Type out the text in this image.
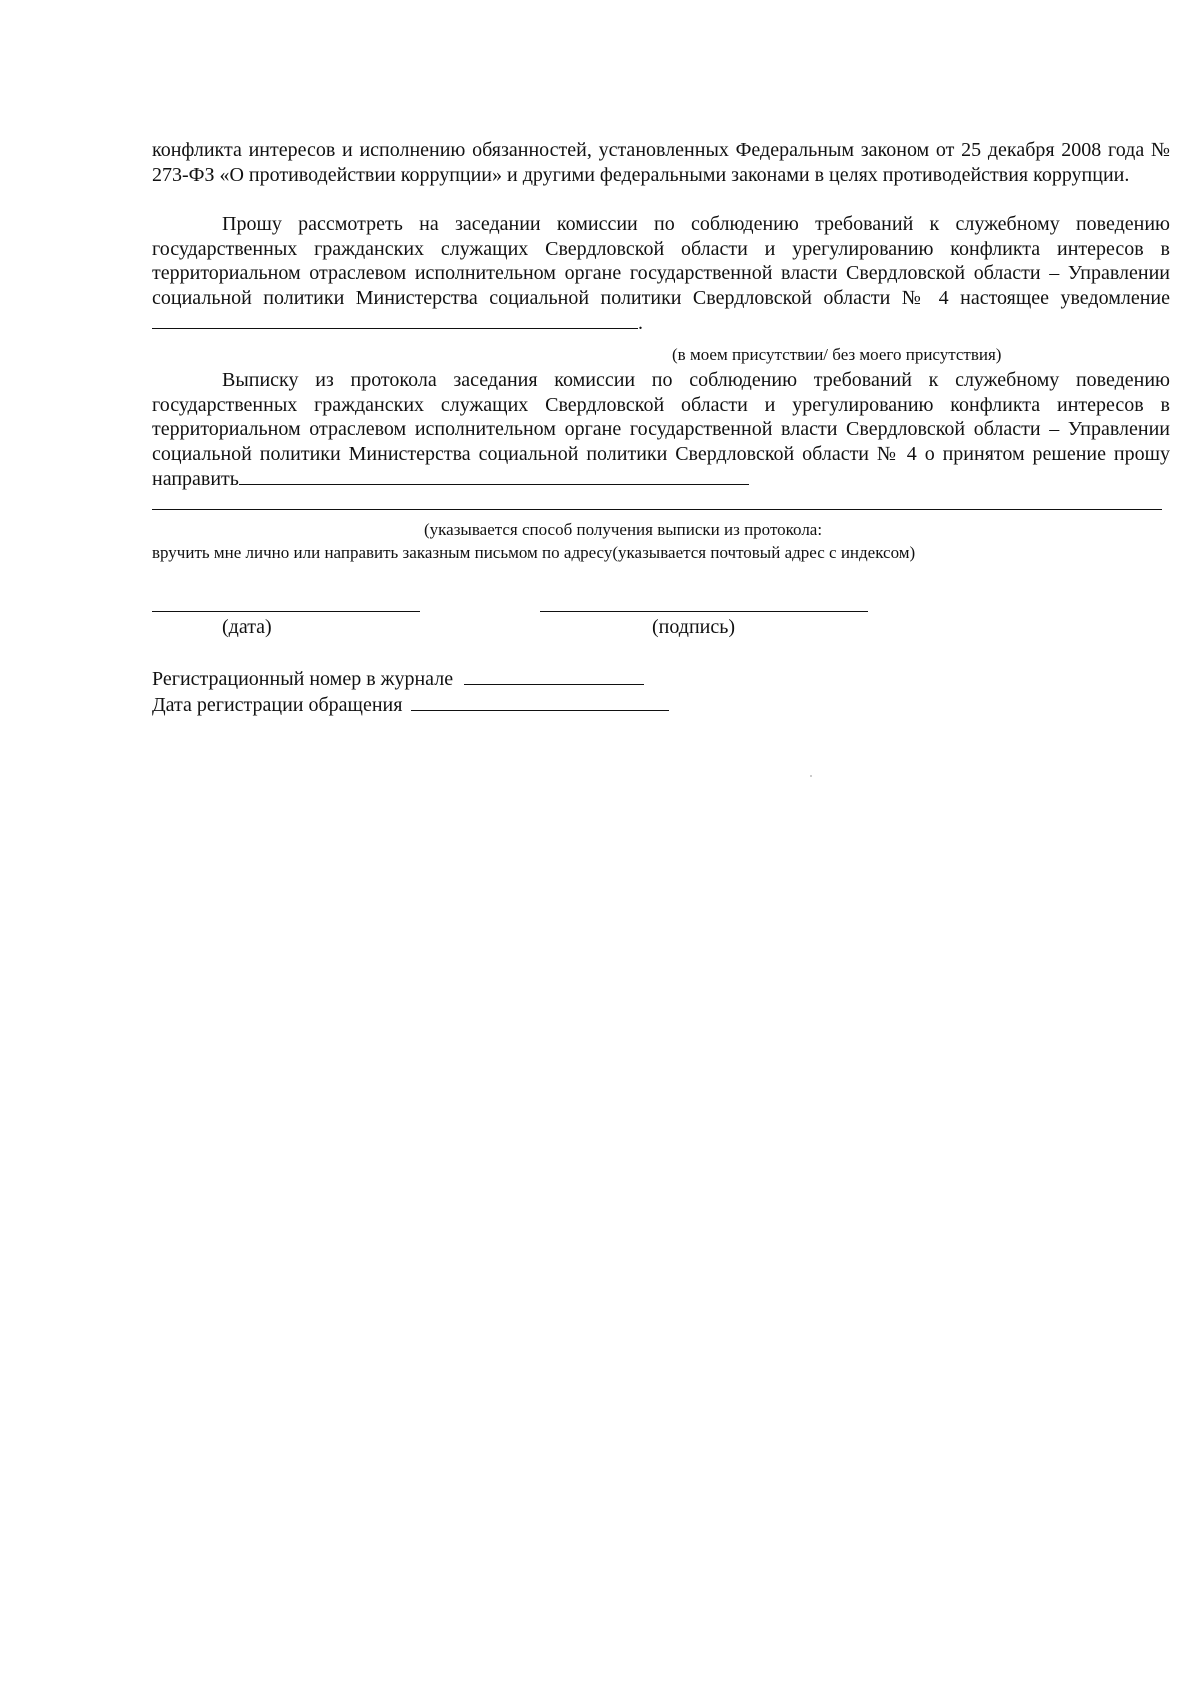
конфликта интересов и исполнению обязанностей, установленных Федеральным законом от 25 декабря 2008 года № 273-ФЗ «О противодействии коррупции» и другими федеральными законами в целях противодействия коррупции.
Прошу рассмотреть на заседании комиссии по соблюдению требований к служебному поведению государственных гражданских служащих Свердловской области и урегулированию конфликта интересов в территориальном отраслевом исполнительном органе государственной власти Свердловской области – Управлении социальной политики Министерства социальной политики Свердловской области № 4 настоящее уведомление .
(в моем присутствии/ без моего присутствия)
Выписку из протокола заседания комиссии по соблюдению требований к служебному поведению государственных гражданских служащих Свердловской области и урегулированию конфликта интересов в территориальном отраслевом исполнительном органе государственной власти Свердловской области – Управлении социальной политики Министерства социальной политики Свердловской области № 4 о принятом решение прошу направить
(указывается способ получения выписки из протокола:
вручить мне лично или направить заказным письмом по адресу(указывается почтовый адрес с индексом)
(дата)	(подпись)
Регистрационный номер в журнале
Дата регистрации обращения
